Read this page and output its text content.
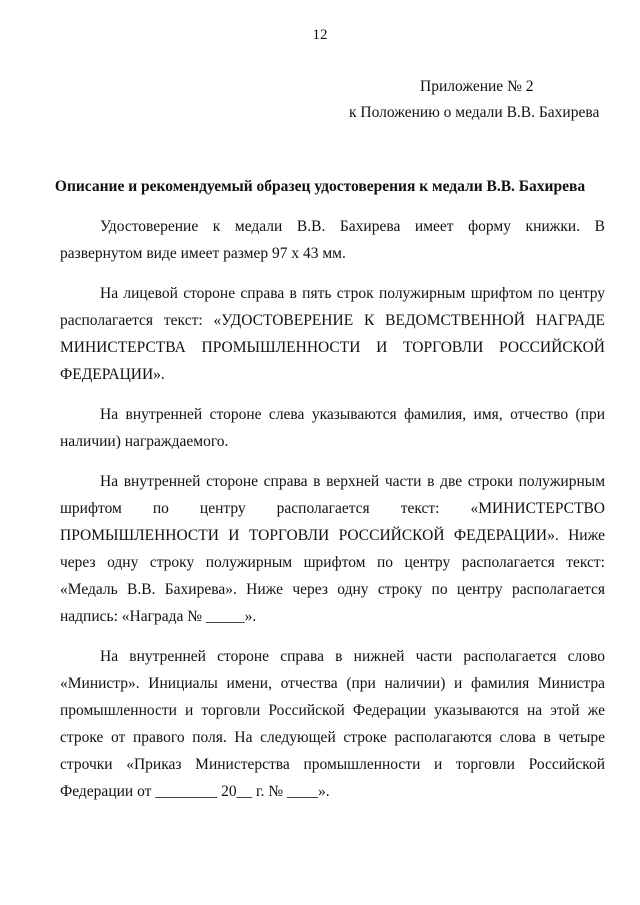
12
Приложение № 2
к Положению о медали В.В. Бахирева
Описание и рекомендуемый образец удостоверения к медали В.В. Бахирева

Удостоверение к медали В.В. Бахирева имеет форму книжки. В развернутом виде имеет размер 97 x 43 мм.

На лицевой стороне справа в пять строк полужирным шрифтом по центру располагается текст: «УДОСТОВЕРЕНИЕ К ВЕДОМСТВЕННОЙ НАГРАДЕ МИНИСТЕРСТВА ПРОМЫШЛЕННОСТИ И ТОРГОВЛИ РОССИЙСКОЙ ФЕДЕРАЦИИ».

На внутренней стороне слева указываются фамилия, имя, отчество (при наличии) награждаемого.

На внутренней стороне справа в верхней части в две строки полужирным шрифтом по центру располагается текст: «МИНИСТЕРСТВО ПРОМЫШЛЕННОСТИ И ТОРГОВЛИ РОССИЙСКОЙ ФЕДЕРАЦИИ». Ниже через одну строку полужирным шрифтом по центру располагается текст: «Медаль В.В. Бахирева». Ниже через одну строку по центру располагается надпись: «Награда № _____».

На внутренней стороне справа в нижней части располагается слово «Министр». Инициалы имени, отчества (при наличии) и фамилия Министра промышленности и торговли Российской Федерации указываются на этой же строке от правого поля. На следующей строке располагаются слова в четыре строчки «Приказ Министерства промышленности и торговли Российской Федерации от ________ 20__ г. № ____».
